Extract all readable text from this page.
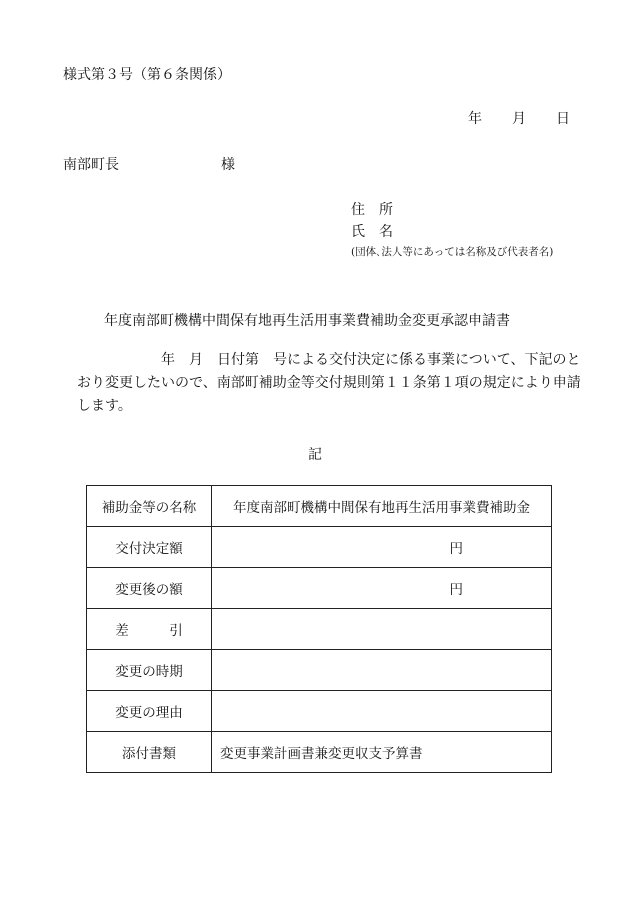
様式第３号（第６条関係）
年 月 日
南部町長	様
住　所
氏　名
(団体､法人等にあっては名称及び代表者名)
年度南部町機構中間保有地再生活用事業費補助金変更承認申請書
　　　　　　年　月　日付第　号による交付決定に係る事業について、下記のとおり変更したいので、南部町補助金等交付規則第１１条第１項の規定により申請します。
記
補助金等の名称	年度南部町機構中間保有地再生活用事業費補助金
交付決定額	円
変更後の額	円
差　　　引	
変更の時期	
変更の理由	
添付書類	変更事業計画書兼変更収支予算書
